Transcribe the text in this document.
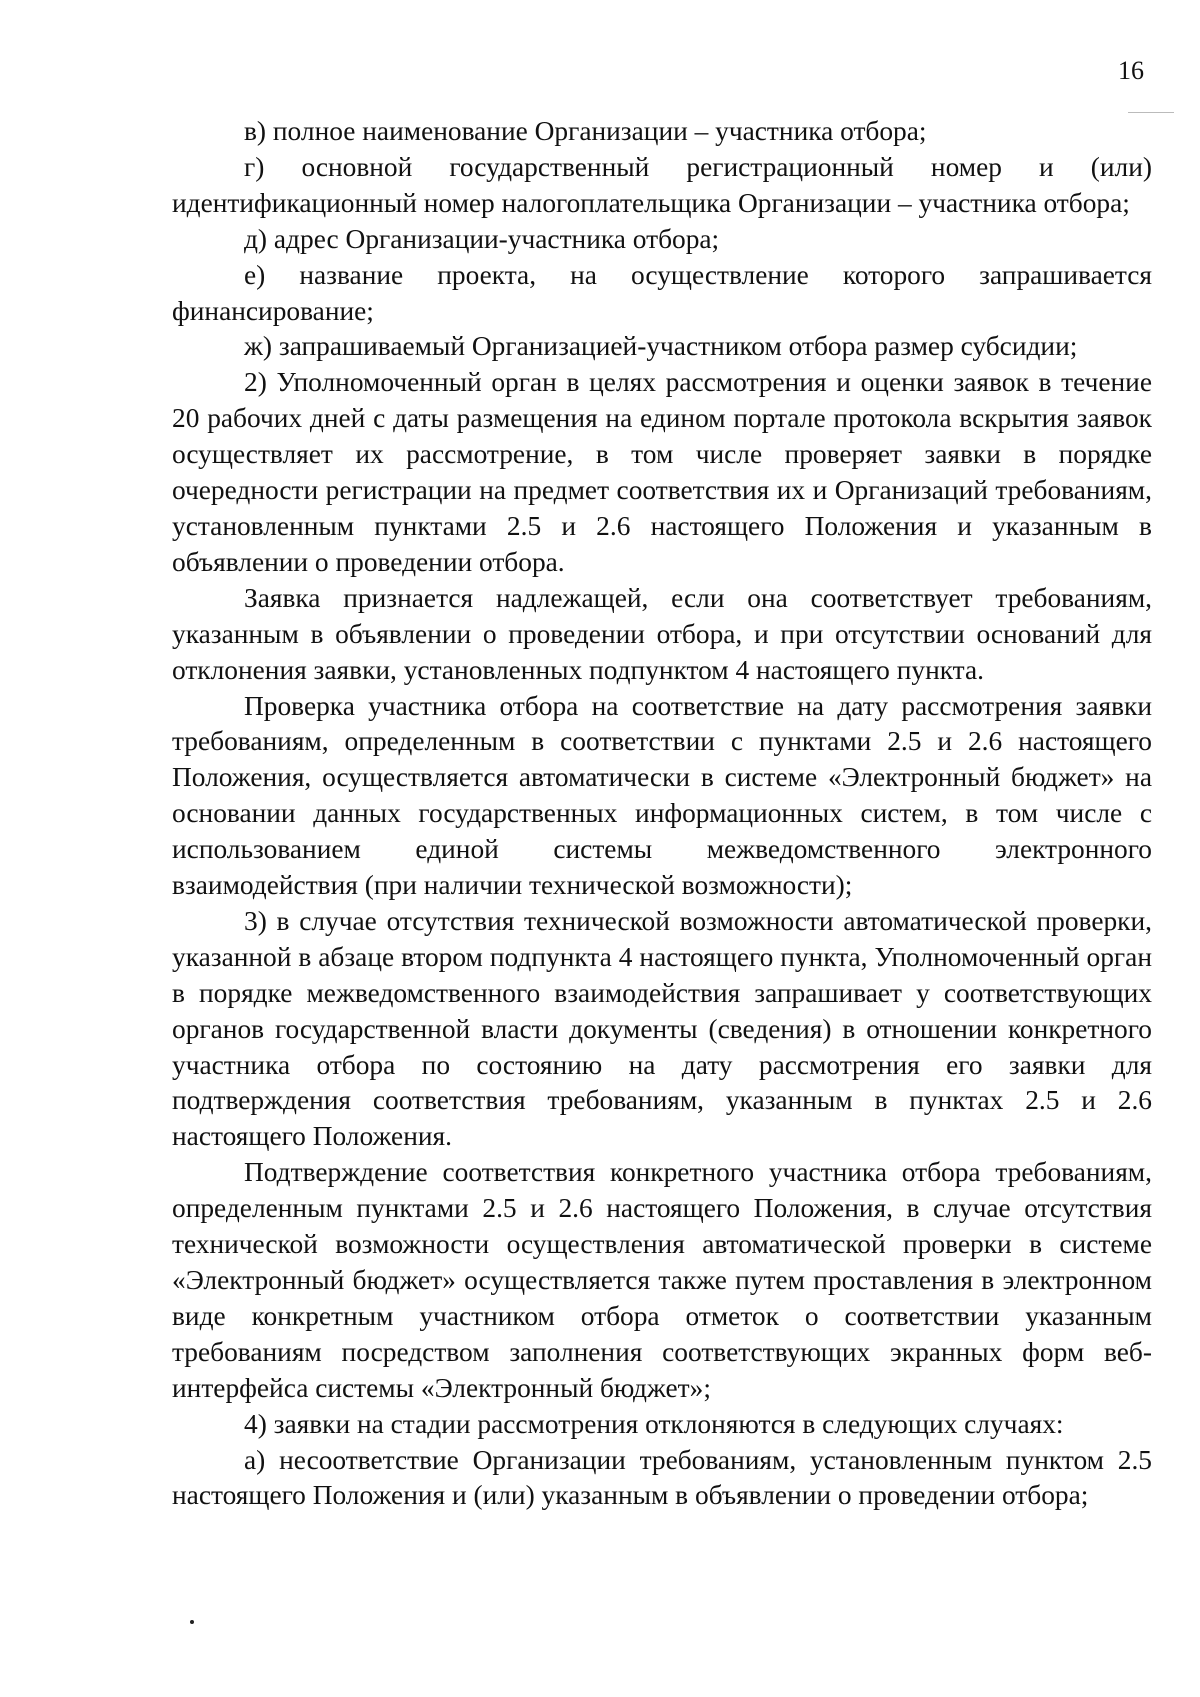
16

в) полное наименование Организации – участника отбора;

г) основной государственный регистрационный номер и (или) идентификационный номер налогоплательщика Организации – участника отбора;

д) адрес Организации-участника отбора;

е) название проекта, на осуществление которого запрашивается финансирование;

ж) запрашиваемый Организацией-участником отбора размер субсидии;

2) Уполномоченный орган в целях рассмотрения и оценки заявок в течение 20 рабочих дней с даты размещения на едином портале протокола вскрытия заявок осуществляет их рассмотрение, в том числе проверяет заявки в порядке очередности регистрации на предмет соответствия их и Организаций требованиям, установленным пунктами 2.5 и 2.6 настоящего Положения и указанным в объявлении о проведении отбора.

Заявка признается надлежащей, если она соответствует требованиям, указанным в объявлении о проведении отбора, и при отсутствии оснований для отклонения заявки, установленных подпунктом 4 настоящего пункта.

Проверка участника отбора на соответствие на дату рассмотрения заявки требованиям, определенным в соответствии с пунктами 2.5 и 2.6 настоящего Положения, осуществляется автоматически в системе «Электронный бюджет» на основании данных государственных информационных систем, в том числе с использованием единой системы межведомственного электронного взаимодействия (при наличии технической возможности);

3) в случае отсутствия технической возможности автоматической проверки, указанной в абзаце втором подпункта 4 настоящего пункта, Уполномоченный орган в порядке межведомственного взаимодействия запрашивает у соответствующих органов государственной власти документы (сведения) в отношении конкретного участника отбора по состоянию на дату рассмотрения его заявки для подтверждения соответствия требованиям, указанным в пунктах 2.5 и 2.6 настоящего Положения.

Подтверждение соответствия конкретного участника отбора требованиям, определенным пунктами 2.5 и 2.6 настоящего Положения, в случае отсутствия технической возможности осуществления автоматической проверки в системе «Электронный бюджет» осуществляется также путем проставления в электронном виде конкретным участником отбора отметок о соответствии указанным требованиям посредством заполнения соответствующих экранных форм веб-интерфейса системы «Электронный бюджет»;

4) заявки на стадии рассмотрения отклоняются в следующих случаях:

а) несоответствие Организации требованиям, установленным пунктом 2.5 настоящего Положения и (или) указанным в объявлении о проведении отбора;
